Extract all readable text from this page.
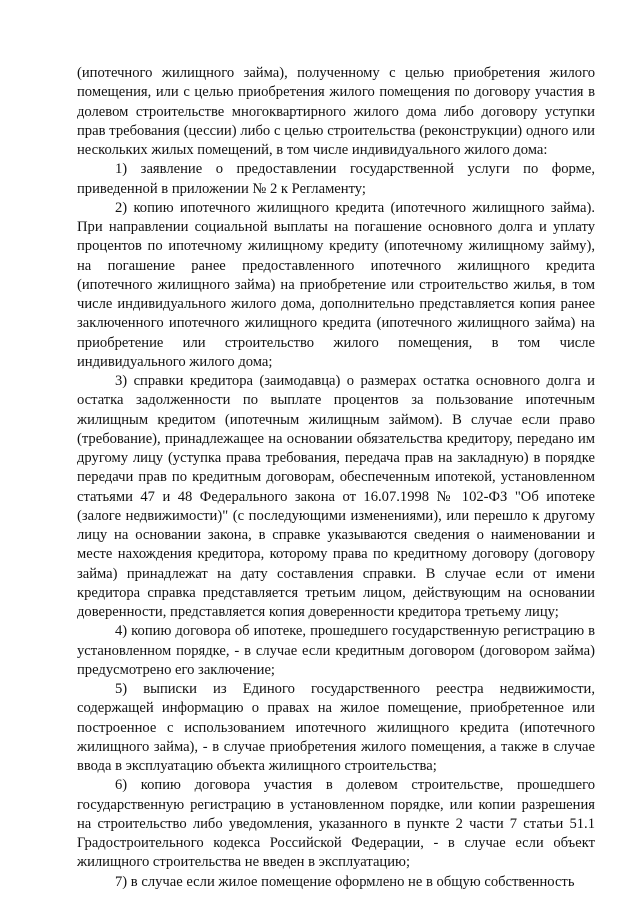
(ипотечного жилищного займа), полученному с целью приобретения жилого помещения, или с целью приобретения жилого помещения по договору участия в долевом строительстве многоквартирного жилого дома либо договору уступки прав требования (цессии) либо с целью строительства (реконструкции) одного или нескольких жилых помещений, в том числе индивидуального жилого дома:

1) заявление о предоставлении государственной услуги по форме, приведенной в приложении № 2 к Регламенту;

2) копию ипотечного жилищного кредита (ипотечного жилищного займа). При направлении социальной выплаты на погашение основного долга и уплату процентов по ипотечному жилищному кредиту (ипотечному жилищному займу), на погашение ранее предоставленного ипотечного жилищного кредита (ипотечного жилищного займа) на приобретение или строительство жилья, в том числе индивидуального жилого дома, дополнительно представляется копия ранее заключенного ипотечного жилищного кредита (ипотечного жилищного займа) на приобретение или строительство жилого помещения, в том числе индивидуального жилого дома;

3) справки кредитора (заимодавца) о размерах остатка основного долга и остатка задолженности по выплате процентов за пользование ипотечным жилищным кредитом (ипотечным жилищным займом). В случае если право (требование), принадлежащее на основании обязательства кредитору, передано им другому лицу (уступка права требования, передача прав на закладную) в порядке передачи прав по кредитным договорам, обеспеченным ипотекой, установленном статьями 47 и 48 Федерального закона от 16.07.1998 № 102-ФЗ "Об ипотеке (залоге недвижимости)" (с последующими изменениями), или перешло к другому лицу на основании закона, в справке указываются сведения о наименовании и месте нахождения кредитора, которому права по кредитному договору (договору займа) принадлежат на дату составления справки. В случае если от имени кредитора справка представляется третьим лицом, действующим на основании доверенности, представляется копия доверенности кредитора третьему лицу;

4) копию договора об ипотеке, прошедшего государственную регистрацию в установленном порядке, - в случае если кредитным договором (договором займа) предусмотрено его заключение;

5) выписки из Единого государственного реестра недвижимости, содержащей информацию о правах на жилое помещение, приобретенное или построенное с использованием ипотечного жилищного кредита (ипотечного жилищного займа), - в случае приобретения жилого помещения, а также в случае ввода в эксплуатацию объекта жилищного строительства;

6) копию договора участия в долевом строительстве, прошедшего государственную регистрацию в установленном порядке, или копии разрешения на строительство либо уведомления, указанного в пункте 2 части 7 статьи 51.1 Градостроительного кодекса Российской Федерации, - в случае если объект жилищного строительства не введен в эксплуатацию;

7) в случае если жилое помещение оформлено не в общую собственность
